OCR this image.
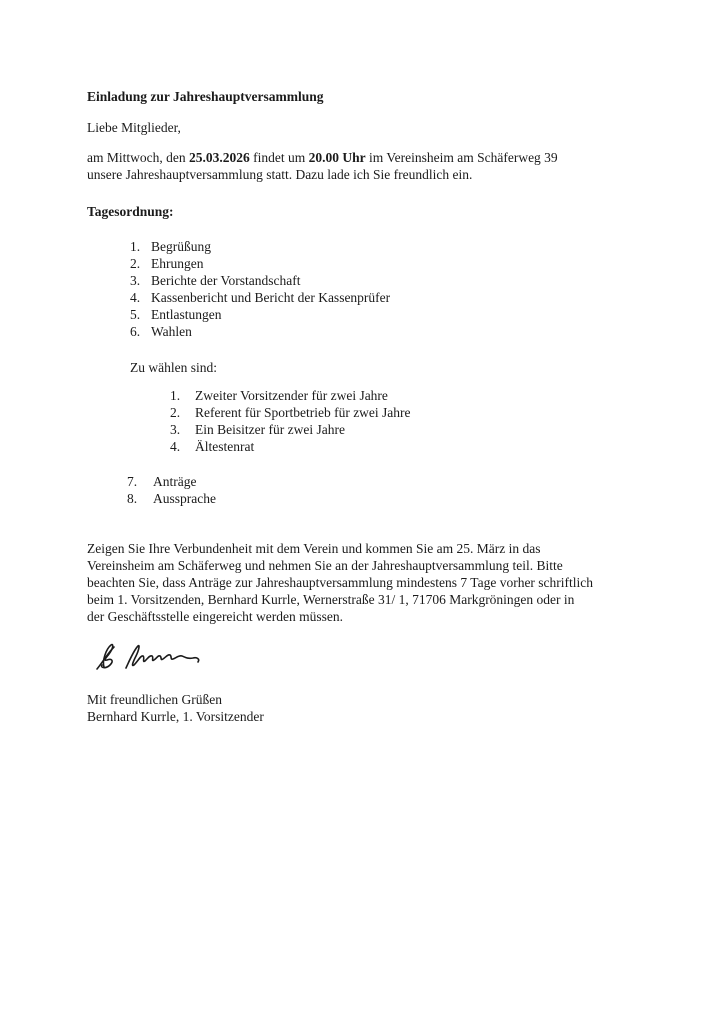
Einladung zur Jahreshauptversammlung
Liebe Mitglieder,
am Mittwoch, den 25.03.2026 findet um 20.00 Uhr im Vereinsheim am Schäferweg 39
unsere Jahreshauptversammlung statt. Dazu lade ich Sie freundlich ein.
Tagesordnung:
1. Begrüßung
2. Ehrungen
3. Berichte der Vorstandschaft
4. Kassenbericht und Bericht der Kassenprüfer
5. Entlastungen
6. Wahlen
Zu wählen sind:
1. Zweiter Vorsitzender für zwei Jahre
2. Referent für Sportbetrieb für zwei Jahre
3. Ein Beisitzer für zwei Jahre
4. Ältestenrat
7. Anträge
8. Aussprache
Zeigen Sie Ihre Verbundenheit mit dem Verein und kommen Sie am 25. März in das
Vereinsheim am Schäferweg und nehmen Sie an der Jahreshauptversammlung teil. Bitte
beachten Sie, dass Anträge zur Jahreshauptversammlung mindestens 7 Tage vorher schriftlich
beim 1. Vorsitzenden, Bernhard Kurrle, Wernerstraße 31/ 1, 71706 Markgröningen oder in
der Geschäftsstelle eingereicht werden müssen.
Mit freundlichen Grüßen
Bernhard Kurrle, 1. Vorsitzender
